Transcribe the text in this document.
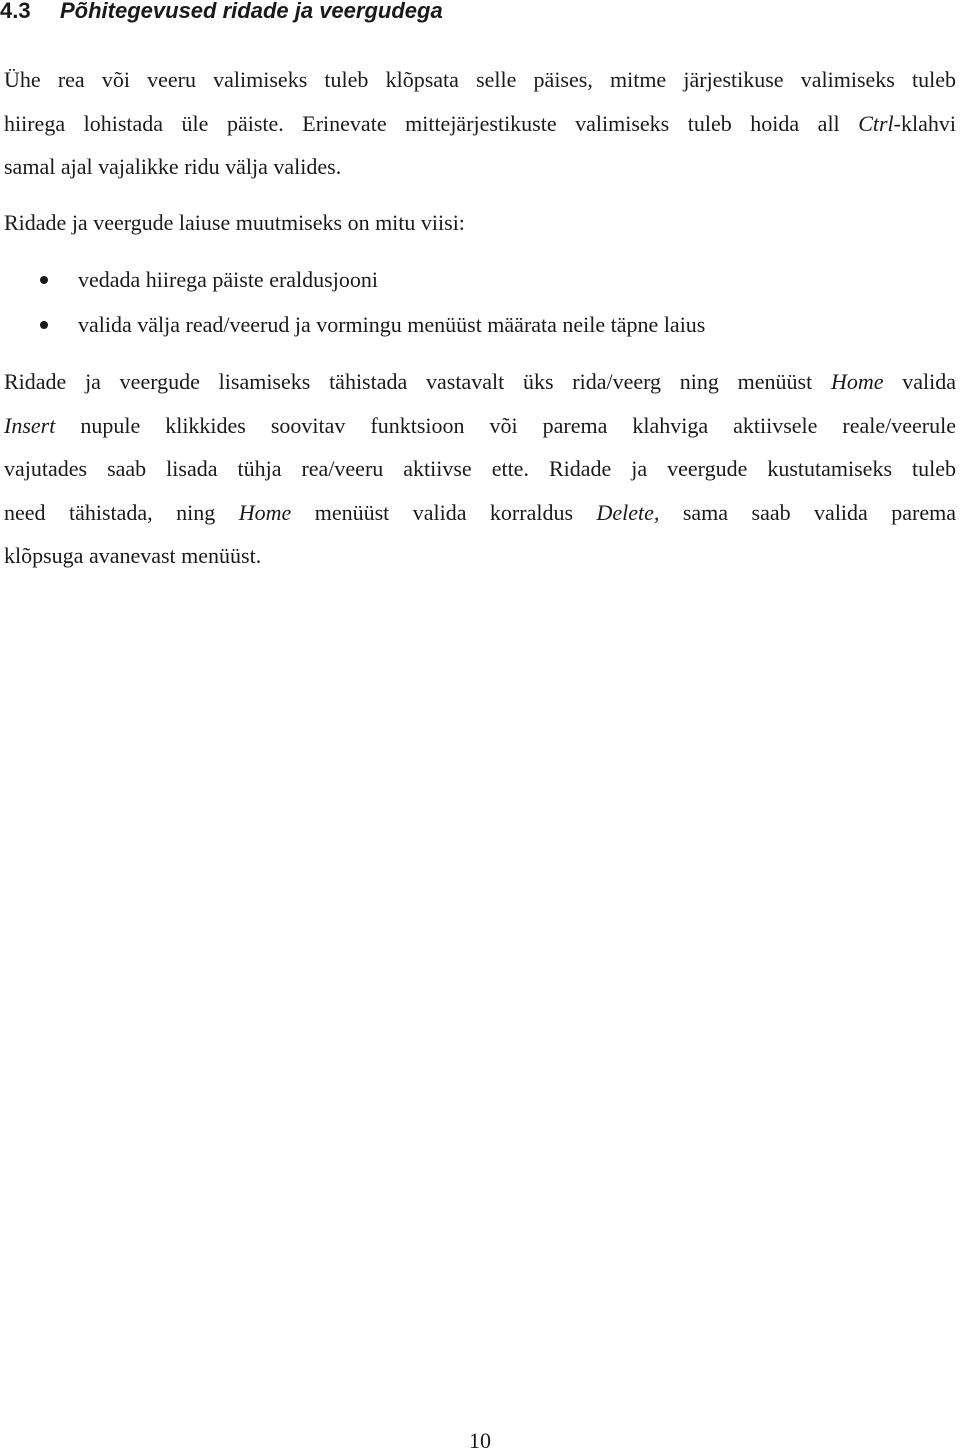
4.3 Põhitegevused ridade ja veergudega
Ühe rea või veeru valimiseks tuleb klõpsata selle päises, mitme järjestikuse valimiseks tuleb
hiirega lohistada üle päiste. Erinevate mittejärjestikuste valimiseks tuleb hoida all Ctrl-klahvi
samal ajal vajalikke ridu välja valides.
Ridade ja veergude laiuse muutmiseks on mitu viisi:
vedada hiirega päiste eraldusjooni
valida välja read/veerud ja vormingu menüüst määrata neile täpne laius
Ridade ja veergude lisamiseks tähistada vastavalt üks rida/veerg ning menüüst Home valida
Insert nupule klikkides soovitav funktsioon või parema klahviga aktiivsele reale/veerule
vajutades saab lisada tühja rea/veeru aktiivse ette. Ridade ja veergude kustutamiseks tuleb
need tähistada, ning Home menüüst valida korraldus Delete, sama saab valida parema
klõpsuga avanevast menüüst.
10
